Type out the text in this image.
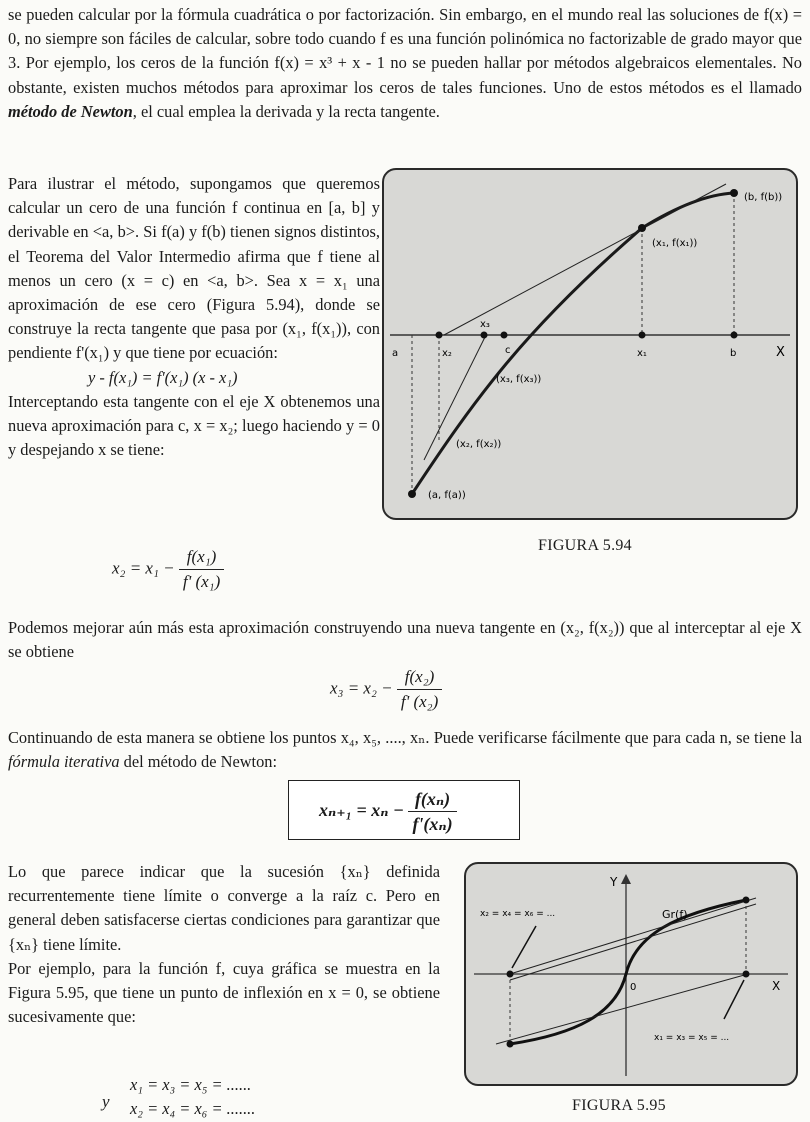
se pueden calcular por la fórmula cuadrática o por factorización. Sin embargo, en el mundo real las soluciones de f(x) = 0, no siempre son fáciles de calcular, sobre todo cuando f es una función polinómica no factorizable de grado mayor que 3. Por ejemplo, los ceros de la función f(x) = x³ + x - 1 no se pueden hallar por métodos algebraicos elementales. No obstante, existen muchos métodos para aproximar los ceros de tales funciones. Uno de estos métodos es el llamado método de Newton, el cual emplea la derivada y la recta tangente.

Para ilustrar el método, supongamos que queremos calcular un cero de una función f continua en [a, b] y derivable en <a, b>. Si f(a) y f(b) tienen signos distintos, el Teorema del Valor Intermedio afirma que f tiene al menos un cero (x = c) en <a, b>. Sea x = x₁ una aproximación de ese cero (Figura 5.94), donde se construye la recta tangente que pasa por (x₁, f(x₁)), con pendiente f'(x₁) y que tiene por ecuación:

y - f(x₁) = f'(x₁) (x - x₁)

Interceptando esta tangente con el eje X obtenemos una nueva aproximación para c, x = x₂; luego haciendo y = 0 y despejando x se tiene:

$x_2 = x_1 - \frac{\text{f(x₁)}}{\text{f' (x₁)}}$
(b, f(b))
(x₁, f(x₁))
(x₃, f(x₃))
(x₂, f(x₂))
(a, f(a))
a	x₂
x₃
c	x₁	b	X
FIGURA 5.94
Podemos mejorar aún más esta aproximación construyendo una nueva tangente en (x₂, f(x₂)) que al interceptar al eje X se obtiene
$x_3 = x_2 - \frac{\text{f(x₂)}}{\text{f' (x₂)}}$
Continuando de esta manera se obtiene los puntos x₄, x₅, ...., xₙ. Puede verificarse fácilmente que para cada n, se tiene la fórmula iterativa del método de Newton:
$x_{n+1} = x_n - \frac{\text{f(xₙ)}}{\text{f'(xₙ)}}$

Lo que parece indicar que la sucesión {xₙ} definida recurrentemente tiene límite o converge a la raíz c. Pero en general deben satisfacerse ciertas condiciones para garantizar que {xₙ} tiene límite.

Por ejemplo, para la función f, cuya gráfica se muestra en la Figura 5.95, que tiene un punto de inflexión en x = 0, se obtiene sucesivamente que:

y
x₁ = x₃ = x₅ = ......
x₂ = x₄ = x₆ = .......
Y
X
0
Gr(f)
x₂ = x₄ = x₆ = ...
x₁ = x₃ = x₅ = ...
FIGURA 5.95
